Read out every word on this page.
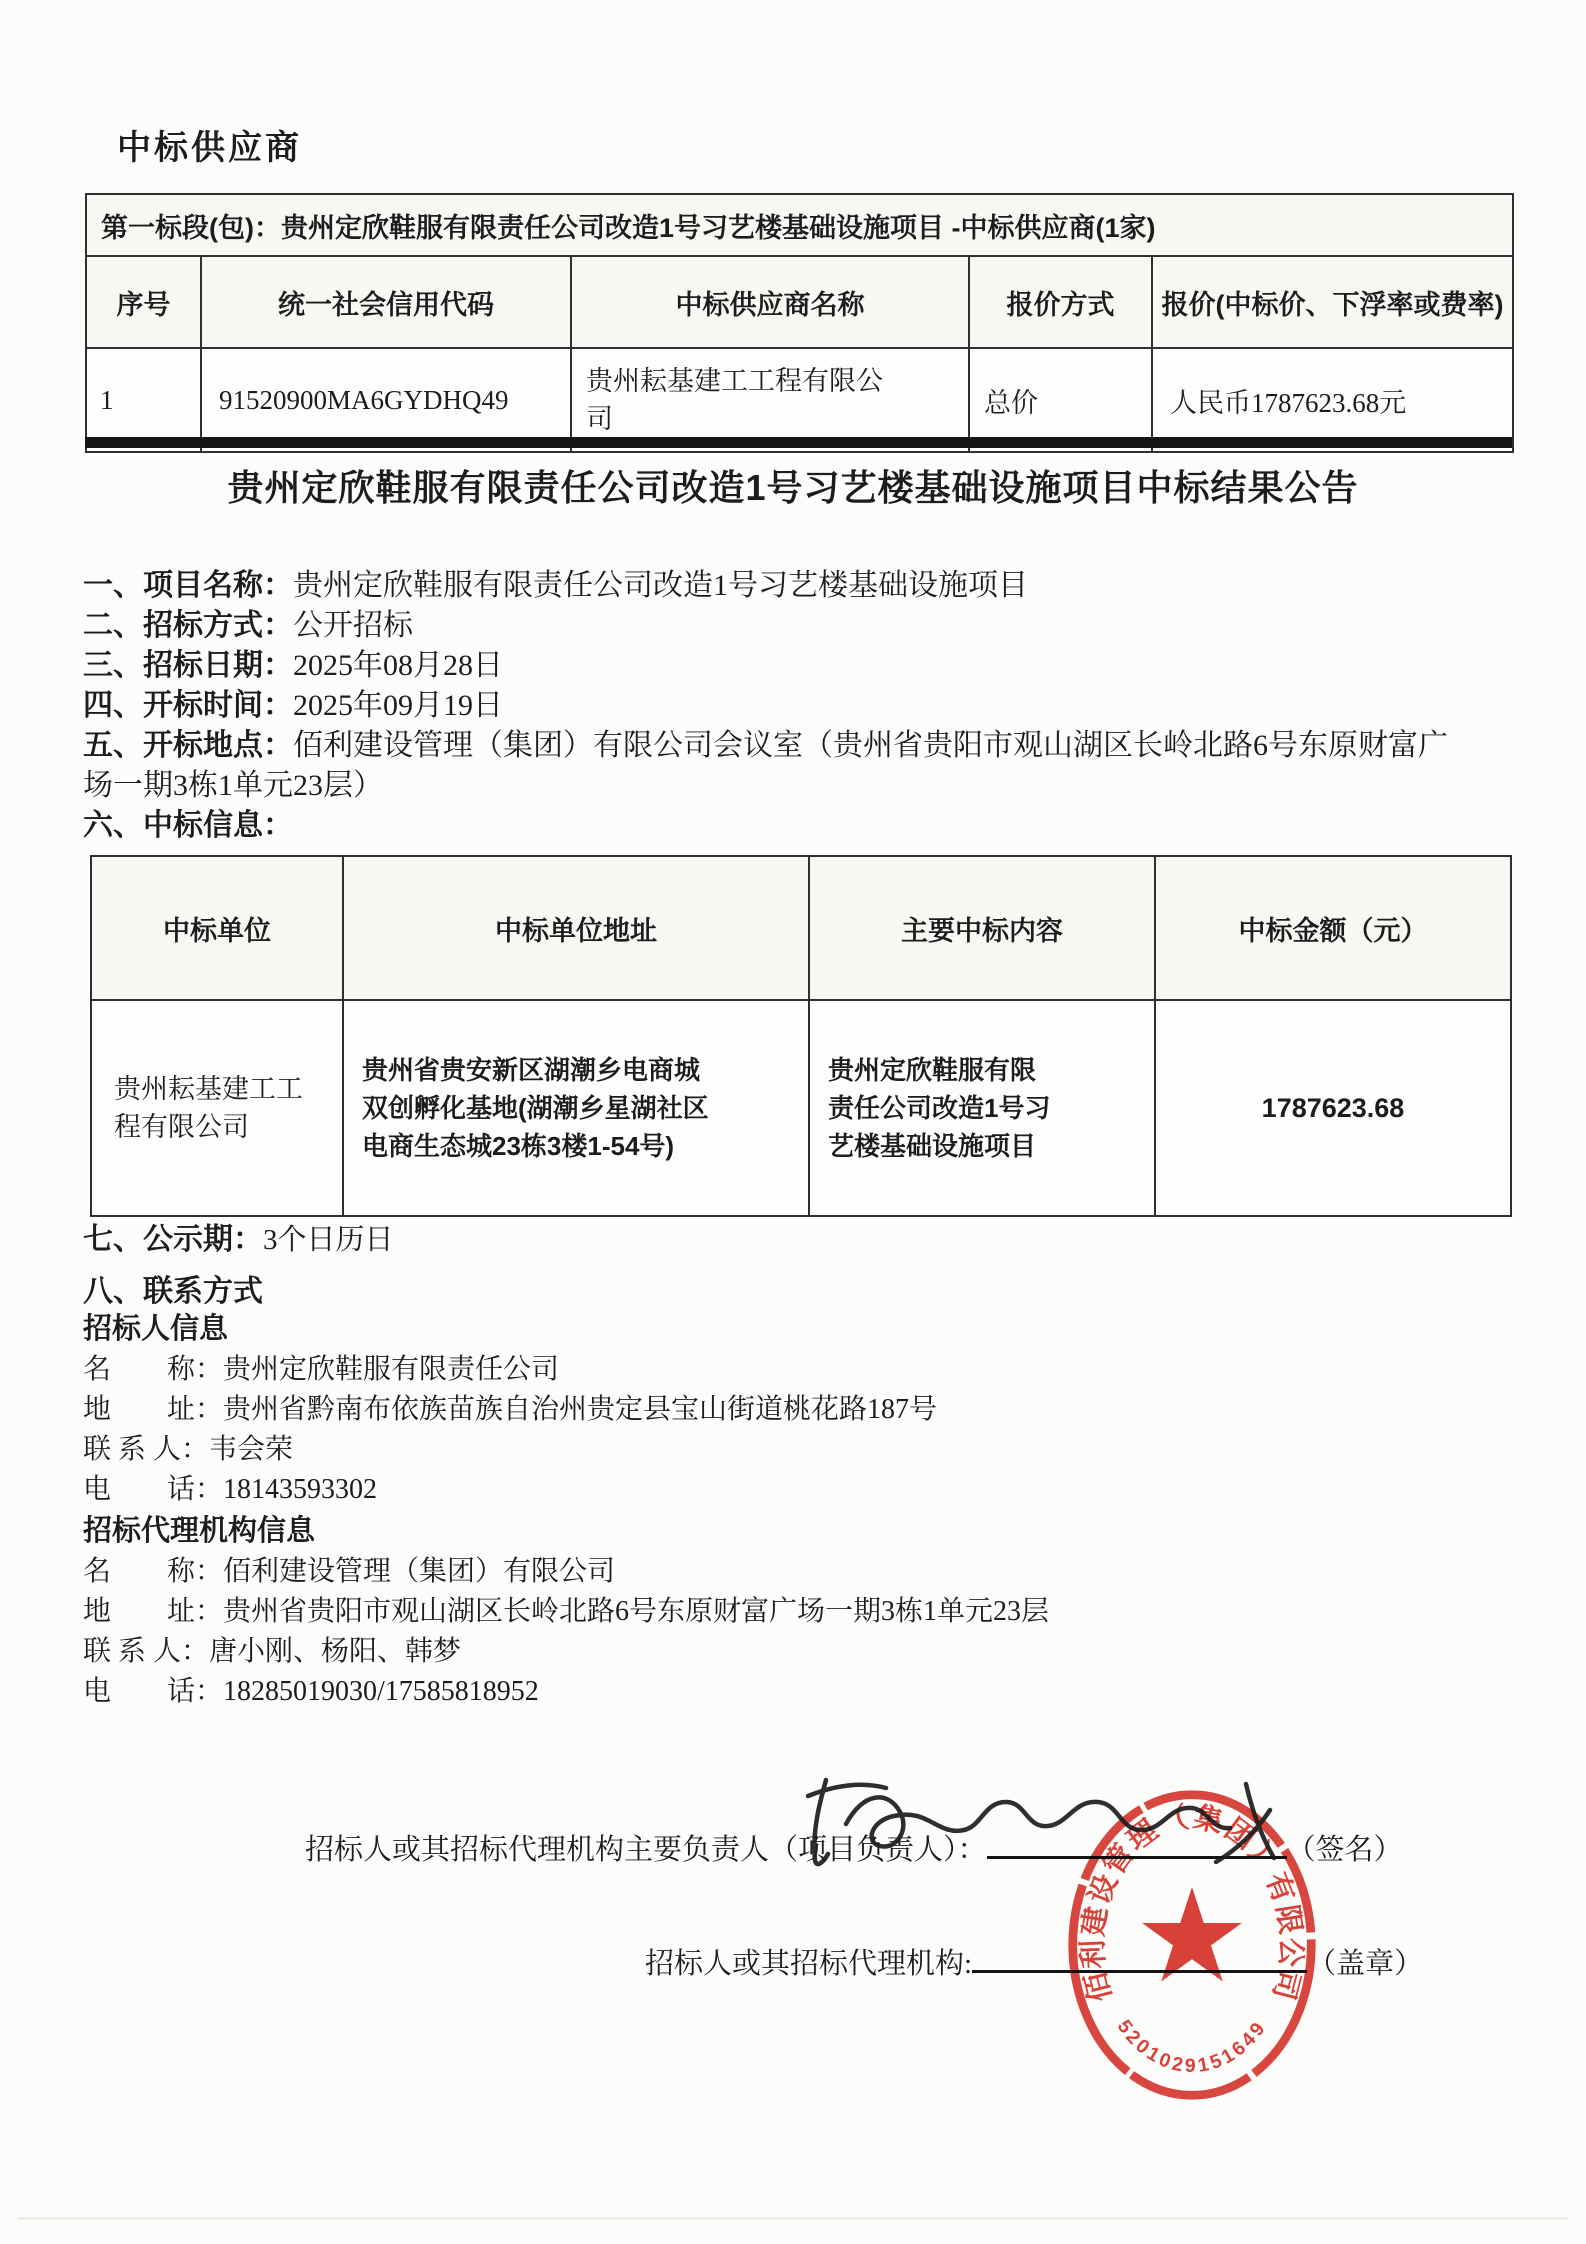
中标供应商
第一标段(包)：贵州定欣鞋服有限责任公司改造1号习艺楼基础设施项目 -中标供应商(1家)				
序号	统一社会信用代码	中标供应商名称	报价方式	报价(中标价、下浮率或费率)
1	91520900MA6GYDHQ49	贵州耘基建工工程有限公司	总价	人民币1787623.68元
贵州定欣鞋服有限责任公司改造1号习艺楼基础设施项目中标结果公告
一、项目名称：贵州定欣鞋服有限责任公司改造1号习艺楼基础设施项目
二、招标方式：公开招标
三、招标日期：2025年08月28日
四、开标时间：2025年09月19日
五、开标地点：佰利建设管理（集团）有限公司会议室（贵州省贵阳市观山湖区长岭北路6号东原财富广场一期3栋1单元23层）
六、中标信息：
中标单位	中标单位地址	主要中标内容	中标金额（元）
贵州耘基建工工程有限公司	贵州省贵安新区湖潮乡电商城双创孵化基地(湖潮乡星湖社区电商生态城23栋3楼1-54号)	贵州定欣鞋服有限责任公司改造1号习艺楼基础设施项目	1787623.68
七、公示期：3个日历日
八、联系方式
招标人信息
名　　称：贵州定欣鞋服有限责任公司
地　　址：贵州省黔南布依族苗族自治州贵定县宝山街道桃花路187号
联 系 人：韦会荣
电　　话：18143593302
招标代理机构信息
名　　称：佰利建设管理（集团）有限公司
地　　址：贵州省贵阳市观山湖区长岭北路6号东原财富广场一期3栋1单元23层
联 系 人：唐小刚、杨阳、韩梦
电　　话：18285019030/17585818952
招标人或其招标代理机构主要负责人（项目负责人）：	（签名）
招标人或其招标代理机构:	（盖章）
佰利建设管理（集团）有限公司
5201029151649
